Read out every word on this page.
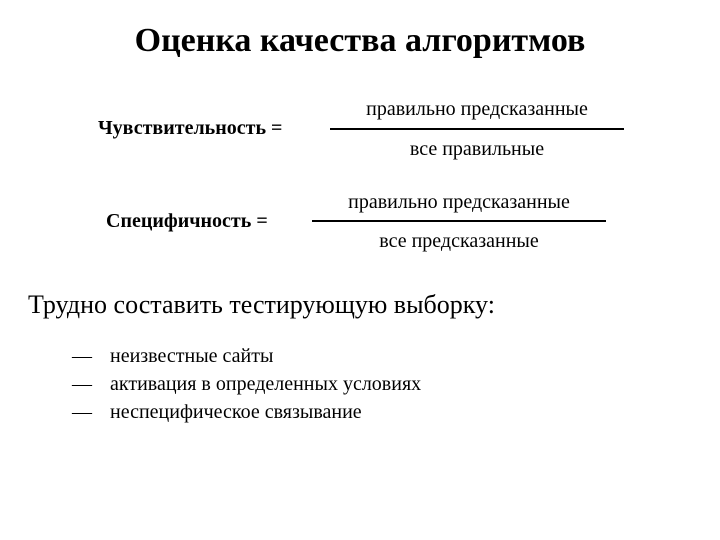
Оценка качества алгоритмов
Чувствительность =
правильно предсказанные
все правильные
Специфичность =
правильно предсказанные
все предсказанные
Трудно составить тестирующую выборку:
— неизвестные сайты
— активация в определенных условиях
— неспецифическое связывание
